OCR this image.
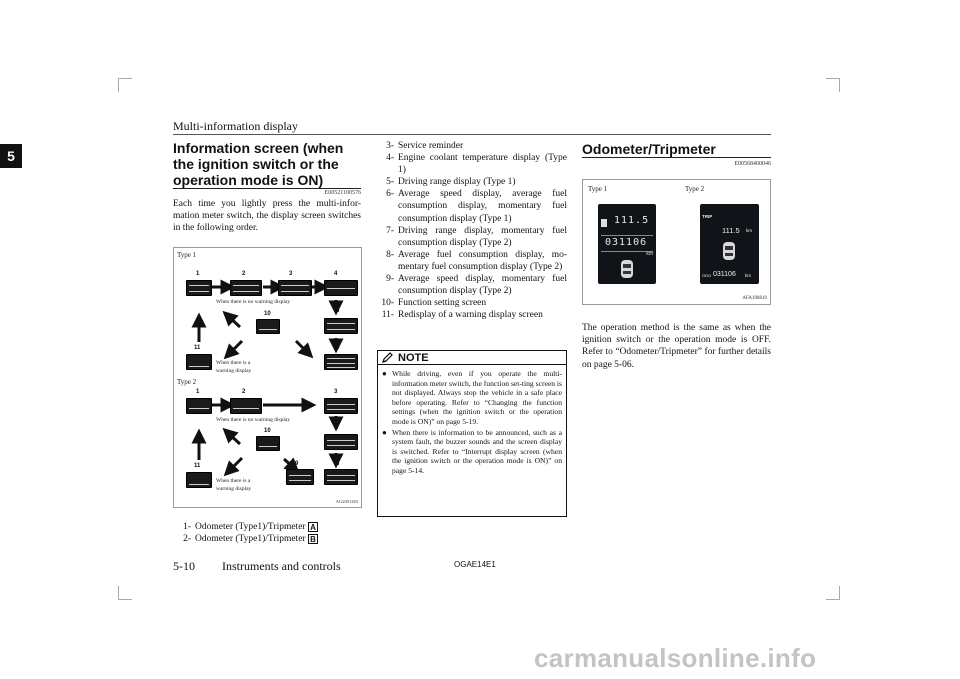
Multi-information display
5	Information screen (when the ignition switch or the operation mode is ON)
E00521100576
Each time you lightly press the multi-infor-mation meter switch, the display screen switches in the following order.
Type 1
1	2	3	4
5
6
10
11
When there is no warning display
When there is a
warning display
Type 2
1	2	3
7
8
9
10
11
When there is no warning display
When there is a
warning display
AG2001283
1- Odometer (Type1)/Tripmeter A
2- Odometer (Type1)/Tripmeter B
3- Service reminder
4- Engine coolant temperature display (Type 1)
5- Driving range display (Type 1)
6- Average speed display, average fuel consumption display, momentary fuel consumption display (Type 1)
7- Driving range display, momentary fuel consumption display (Type 2)
8- Average fuel consumption display, mo-mentary fuel consumption display (Type 2)
9- Average speed display, momentary fuel consumption display (Type 2)
10- Function setting screen
11- Redisplay of a warning display screen
NOTE
● While driving, even if you operate the multi-information meter switch, the function set-ting screen is not displayed. Always stop the vehicle in a safe place before operating. Refer to “Changing the function settings (when the ignition switch or the operation mode is ON)” on page 5-19.
● When there is information to be announced, such as a system fault, the buzzer sounds and the screen display is switched. Refer to “Interrupt display screen (when the ignition switch or the operation mode is ON)” on page 5-14.
Odometer/Tripmeter
E00568400046
Type 1	Type 2
111.5
031106
km
TRIP
111.5 km
ODO 031106 km
AFA108810
The operation method is the same as when the ignition switch or the operation mode is OFF. Refer to “Odometer/Tripmeter” for further details on page 5-06.
5-10 Instruments and controls	OGAE14E1
carmanualsonline.info
